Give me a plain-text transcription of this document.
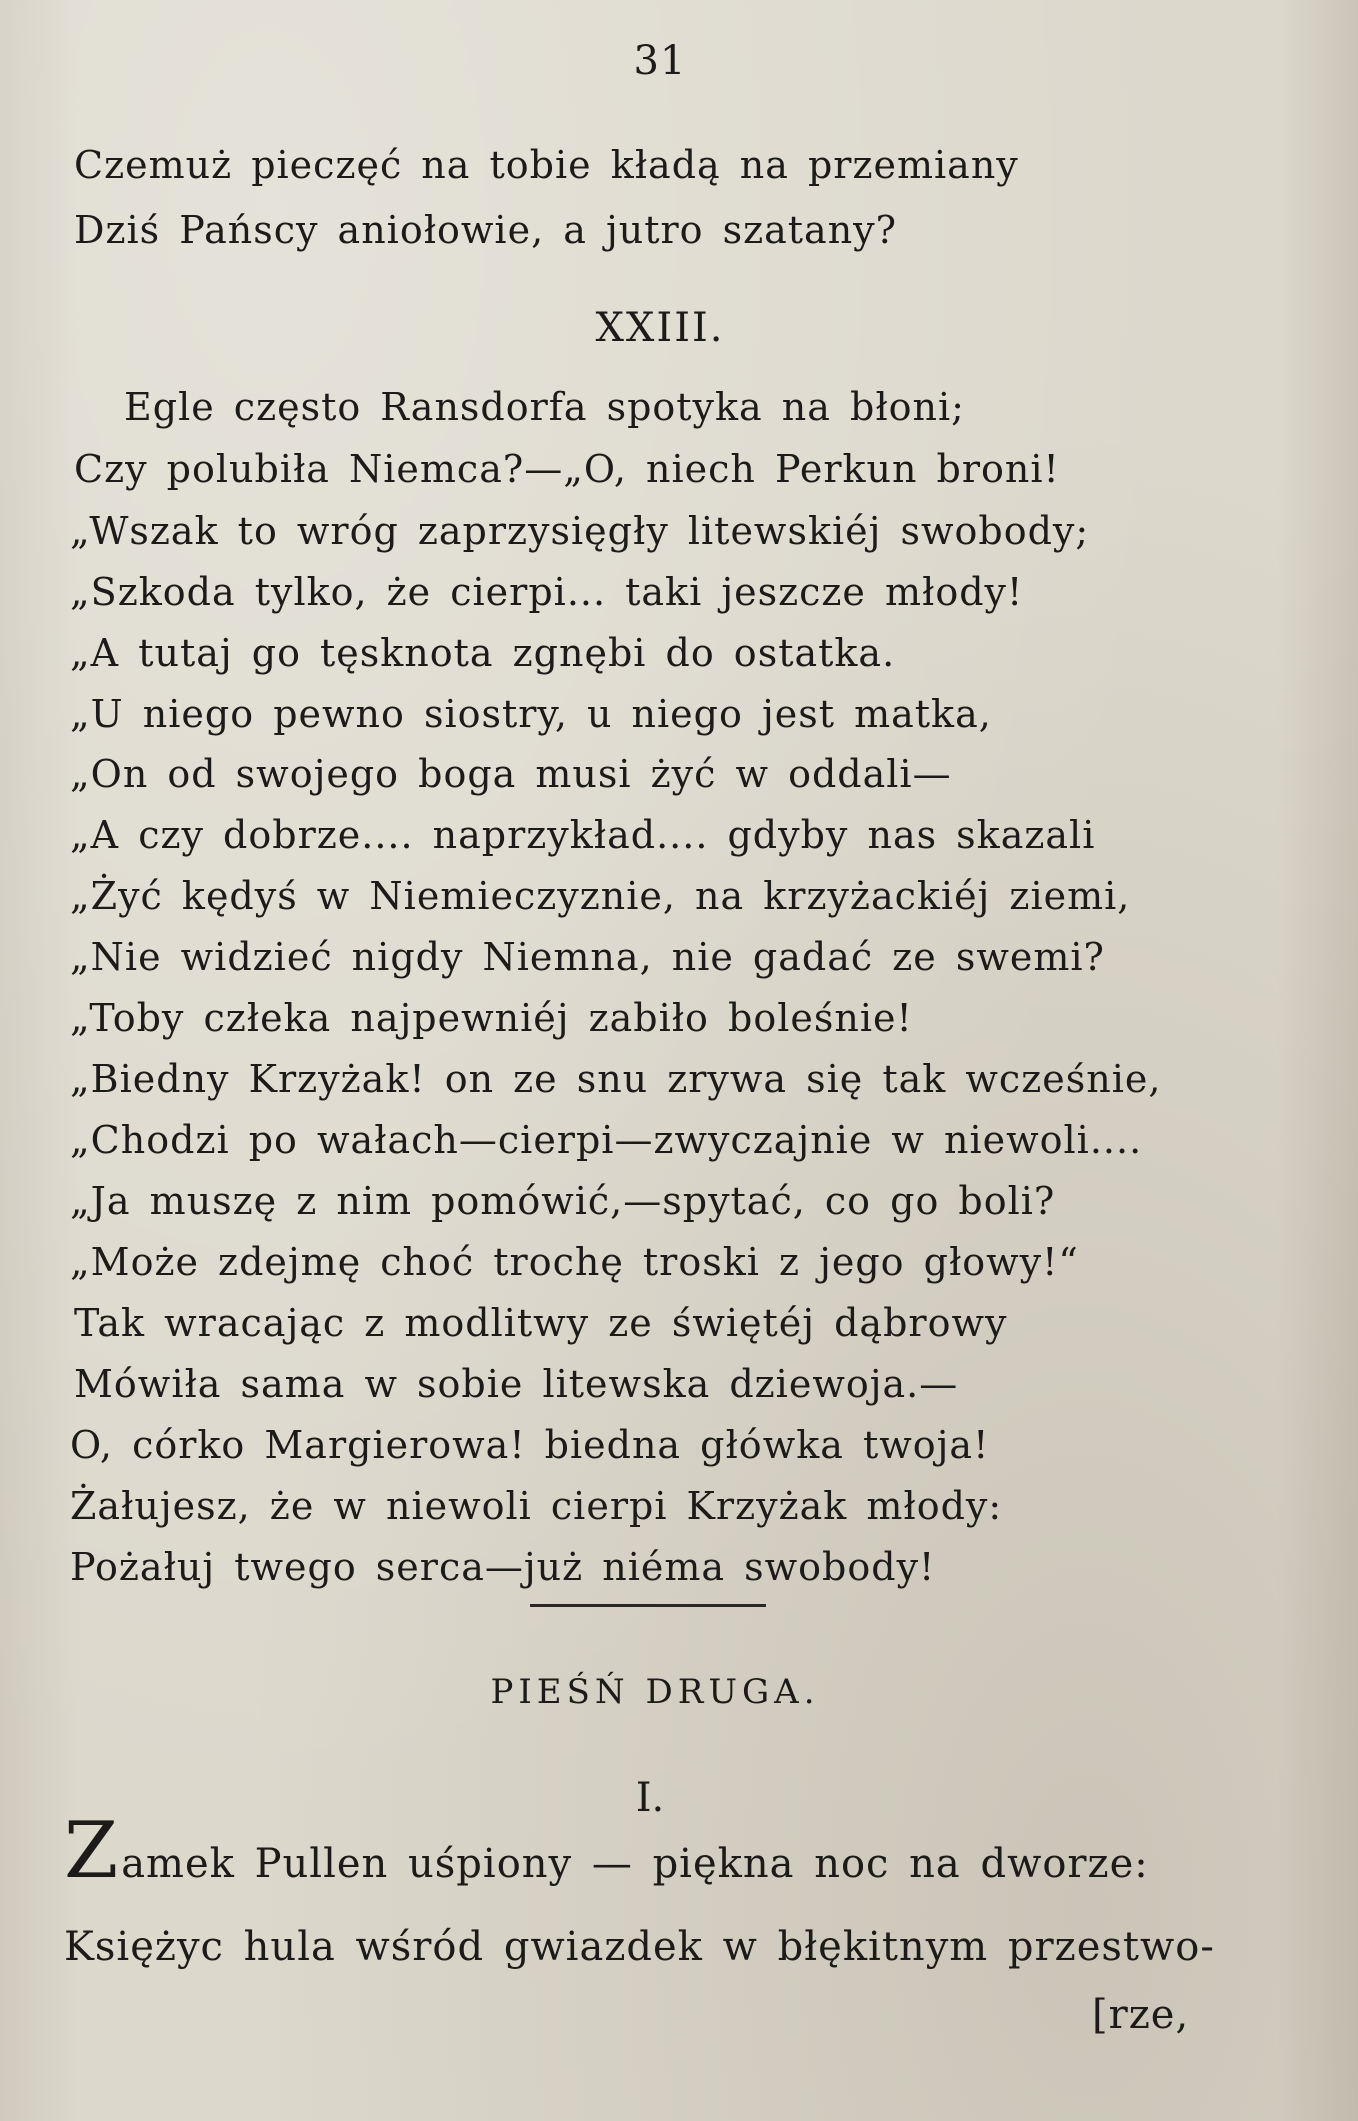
31
Czemuż pieczęć na tobie kładą na przemiany
Dziś Pańscy aniołowie, a jutro szatany?
XXIII.
Egle często Ransdorfa spotyka na błoni;
Czy polubiła Niemca?—„O, niech Perkun broni!
„Wszak to wróg zaprzysięgły litewskiéj swobody;
„Szkoda tylko, że cierpi... taki jeszcze młody!
„A tutaj go tęsknota zgnębi do ostatka.
„U niego pewno siostry, u niego jest matka,
„On od swojego boga musi żyć w oddali—
„A czy dobrze.... naprzykład.... gdyby nas skazali
„Żyć kędyś w Niemieczyznie, na krzyżackiéj ziemi,
„Nie widzieć nigdy Niemna, nie gadać ze swemi?
„Toby człeka najpewniéj zabiło boleśnie!
„Biedny Krzyżak! on ze snu zrywa się tak wcześnie,
„Chodzi po wałach—cierpi—zwyczajnie w niewoli....
„Ja muszę z nim pomówić,—spytać, co go boli?
„Może zdejmę choć trochę troski z jego głowy!“
Tak wracając z modlitwy ze świętéj dąbrowy
Mówiła sama w sobie litewska dziewoja.—
O, córko Margierowa! biedna główka twoja!
Żałujesz, że w niewoli cierpi Krzyżak młody:
Pożałuj twego serca—już niéma swobody!
PIEŚŃ DRUGA.
I.
Zamek Pullen uśpiony — piękna noc na dworze:
Księżyc hula wśród gwiazdek w błękitnym przestwo-
[rze,
